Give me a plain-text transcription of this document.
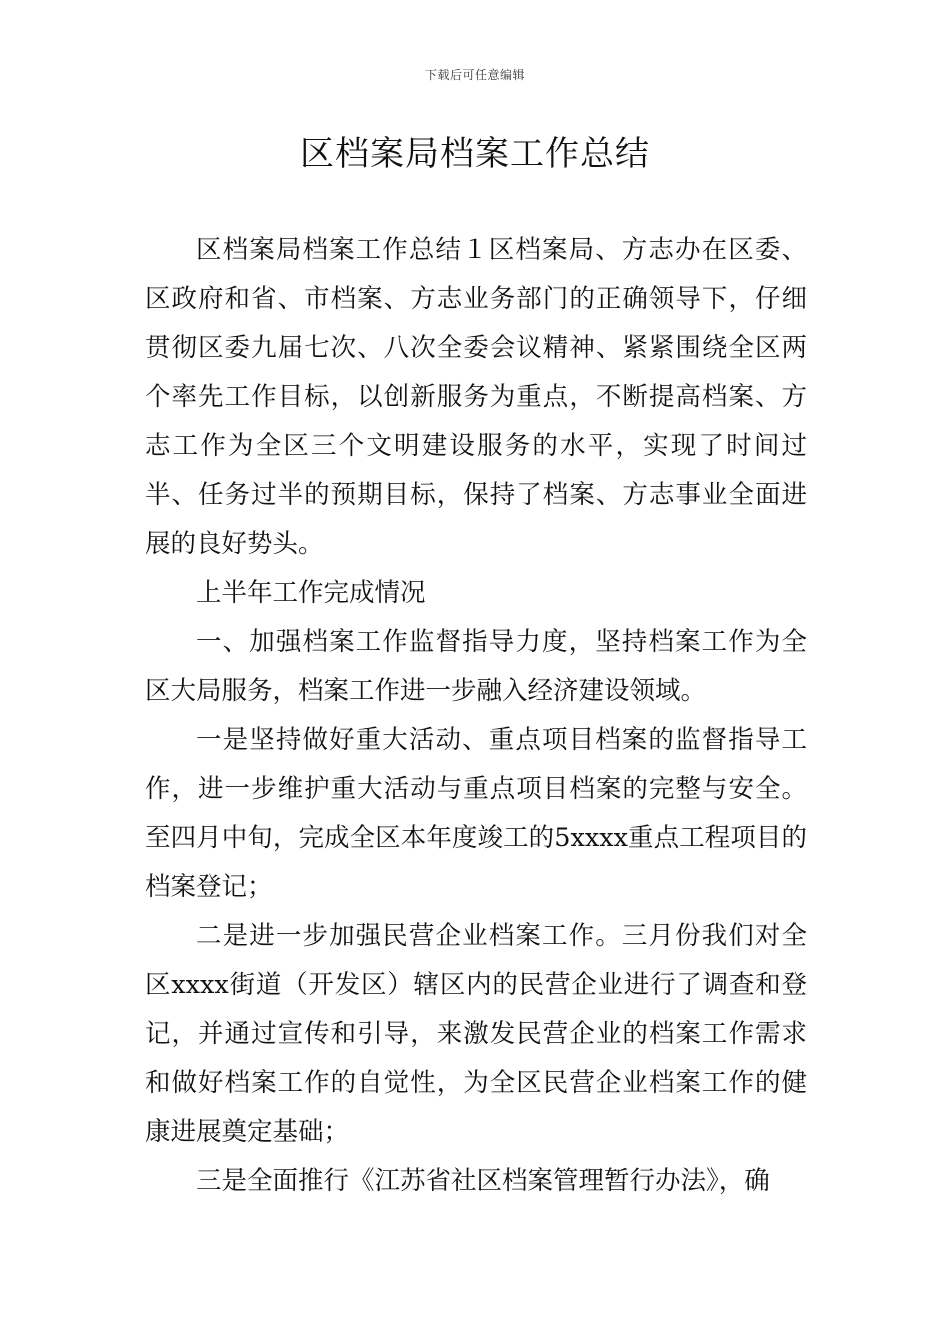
下载后可任意编辑
区档案局档案工作总结

区档案局档案工作总结１区档案局、方志办在区委、区政府和省、市档案、方志业务部门的正确领导下，仔细贯彻区委九届七次、八次全委会议精神、紧紧围绕全区两个率先工作目标，以创新服务为重点，不断提高档案、方志工作为全区三个文明建设服务的水平，实现了时间过半、任务过半的预期目标，保持了档案、方志事业全面进展的良好势头。

上半年工作完成情况

一、加强档案工作监督指导力度，坚持档案工作为全区大局服务，档案工作进一步融入经济建设领域。

一是坚持做好重大活动、重点项目档案的监督指导工作，进一步维护重大活动与重点项目档案的完整与安全。至四月中旬，完成全区本年度竣工的5xxxx重点工程项目的档案登记；

二是进一步加强民营企业档案工作。三月份我们对全区xxxx街道（开发区）辖区内的民营企业进行了调查和登记，并通过宣传和引导，来激发民营企业的档案工作需求和做好档案工作的自觉性，为全区民营企业档案工作的健康进展奠定基础；

三是全面推行《江苏省社区档案管理暂行办法》，确
